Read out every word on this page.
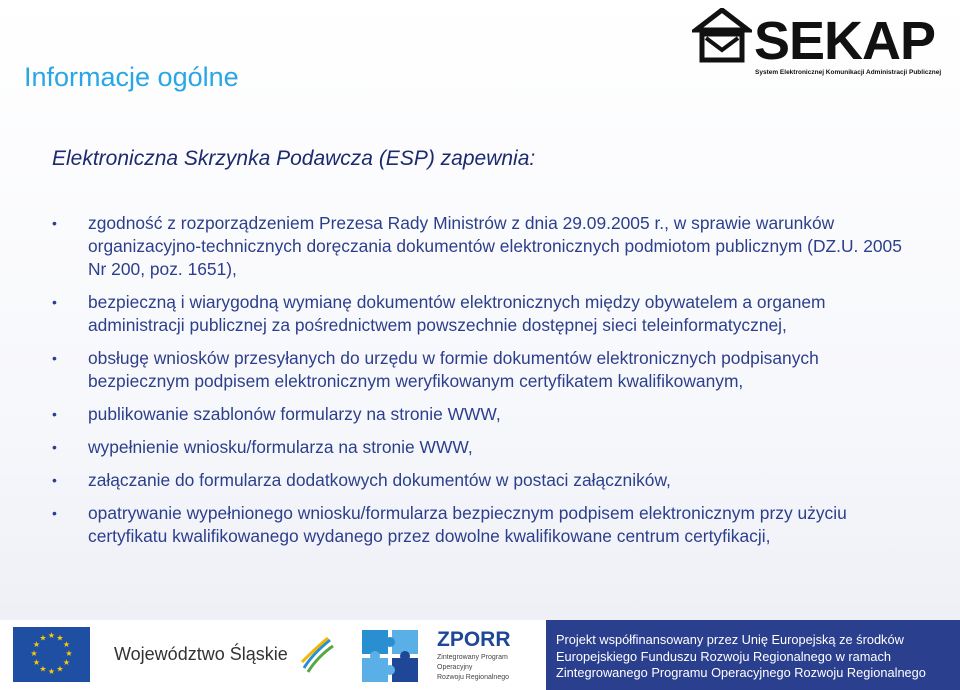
Informacje ogólne
SEKAP
System Elektronicznej Komunikacji Administracji Publicznej
Elektroniczna Skrzynka Podawcza (ESP) zapewnia:
• zgodność z rozporządzeniem Prezesa Rady Ministrów z dnia 29.09.2005 r., w sprawie warunków organizacyjno-technicznych doręczania dokumentów elektronicznych podmiotom publicznym (DZ.U. 2005 Nr 200, poz. 1651),
• bezpieczną i wiarygodną wymianę dokumentów elektronicznych między obywatelem a organem administracji publicznej za pośrednictwem powszechnie dostępnej sieci teleinformatycznej,
• obsługę wniosków przesyłanych do urzędu w formie dokumentów elektronicznych podpisanych bezpiecznym podpisem elektronicznym weryfikowanym certyfikatem kwalifikowanym,
• publikowanie szablonów formularzy na stronie WWW,
• wypełnienie wniosku/formularza na stronie WWW,
• załączanie do formularza dodatkowych dokumentów w postaci załączników,
• opatrywanie wypełnionego wniosku/formularza bezpiecznym podpisem elektronicznym przy użyciu certyfikatu kwalifikowanego wydanego przez dowolne kwalifikowane centrum certyfikacji,
★ ★
★
★
★
★
★
★
★
★
★
★
Województwo Śląskie
ZPORR
Zintegrowany Program
Operacyjny
Rozwoju Regionalnego
Projekt współfinansowany przez Unię Europejską ze środków
Europejskiego Funduszu Rozwoju Regionalnego w ramach
Zintegrowanego Programu Operacyjnego Rozwoju Regionalnego
